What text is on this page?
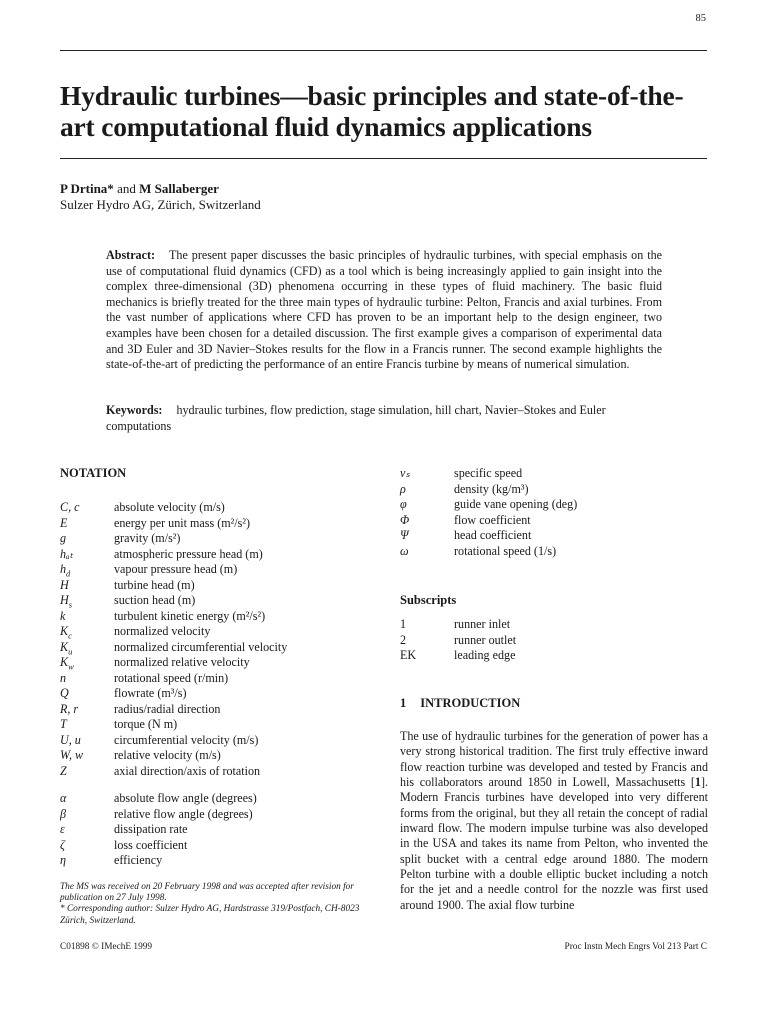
85
Hydraulic turbines—basic principles and state-of-the-art computational fluid dynamics applications
P Drtina* and M Sallaberger
Sulzer Hydro AG, Zürich, Switzerland

Abstract: The present paper discusses the basic principles of hydraulic turbines, with special emphasis on the use of computational fluid dynamics (CFD) as a tool which is being increasingly applied to gain insight into the complex three-dimensional (3D) phenomena occurring in these types of fluid machinery. The basic fluid mechanics is briefly treated for the three main types of hydraulic turbine: Pelton, Francis and axial turbines. From the vast number of applications where CFD has proven to be an important help to the design engineer, two examples have been chosen for a detailed discussion. The first example gives a comparison of experimental data and 3D Euler and 3D Navier–Stokes results for the flow in a Francis runner. The second example highlights the state-of-the-art of predicting the performance of an entire Francis turbine by means of numerical simulation.

Keywords: hydraulic turbines, flow prediction, stage simulation, hill chart, Navier–Stokes and Euler computations

NOTATION
C, c	absolute velocity (m/s)
E	energy per unit mass (m²/s²)
g	gravity (m/s²)
hₐₜ	atmospheric pressure head (m)
$h_d$	vapour pressure head (m)
H	turbine head (m)
$H_s$	suction head (m)
k	turbulent kinetic energy (m²/s²)
$K_c$	normalized velocity
$K_u$	normalized circumferential velocity
$K_w$	normalized relative velocity
n	rotational speed (r/min)
Q	flowrate (m³/s)
R, r	radius/radial direction
T	torque (N m)
U, u	circumferential velocity (m/s)
W, w	relative velocity (m/s)
Z	axial direction/axis of rotation
α	absolute flow angle (degrees)
β	relative flow angle (degrees)
ε	dissipation rate
ζ	loss coefficient
η	efficiency
νₛ	specific speed
ρ	density (kg/m³)
φ	guide vane opening (deg)
Φ	flow coefficient
Ψ	head coefficient
ω	rotational speed (1/s)
Subscripts
1	runner inlet
2	runner outlet
EK	leading edge
1 INTRODUCTION

The use of hydraulic turbines for the generation of power has a very strong historical tradition. The first truly effective inward flow reaction turbine was developed and tested by Francis and his collaborators around 1850 in Lowell, Massachusetts [1]. Modern Francis turbines have developed into very different forms from the original, but they all retain the concept of radial inward flow. The modern impulse turbine was also developed in the USA and takes its name from Pelton, who invented the split bucket with a central edge around 1880. The modern Pelton turbine with a double elliptic bucket including a notch for the jet and a needle control for the nozzle was first used around 1900. The axial flow turbine

The MS was received on 20 February 1998 and was accepted after revision for publication on 27 July 1998.
* Corresponding author: Sulzer Hydro AG, Hardstrasse 319/Postfach, CH-8023 Zürich, Switzerland.
C01898 © IMechE 1999	Proc Instn Mech Engrs Vol 213 Part C
